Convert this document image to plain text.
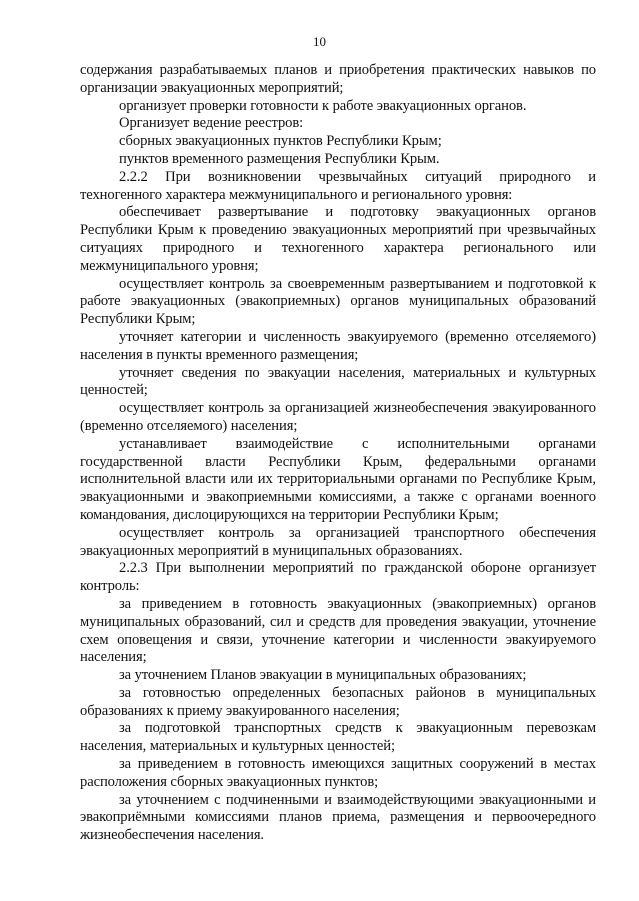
10

содержания разрабатываемых планов и приобретения практических навыков по организации эвакуационных мероприятий;

организует проверки готовности к работе эвакуационных органов.

Организует ведение реестров:

сборных эвакуационных пунктов Республики Крым;

пунктов временного размещения Республики Крым.

2.2.2 При возникновении чрезвычайных ситуаций природного и техногенного характера межмуниципального и регионального уровня:

обеспечивает развертывание и подготовку эвакуационных органов Республики Крым к проведению эвакуационных мероприятий при чрезвычайных ситуациях природного и техногенного характера регионального или межмуниципального уровня;

осуществляет контроль за своевременным развертыванием и подготовкой к работе эвакуационных (эвакоприемных) органов муниципальных образований Республики Крым;

уточняет категории и численность эвакуируемого (временно отселяемого) населения в пункты временного размещения;

уточняет сведения по эвакуации населения, материальных и культурных ценностей;

осуществляет контроль за организацией жизнеобеспечения эвакуированного (временно отселяемого) населения;

устанавливает взаимодействие с исполнительными органами государственной власти Республики Крым, федеральными органами исполнительной власти или их территориальными органами по Республике Крым, эвакуационными и эвакоприемными комиссиями, а также с органами военного командования, дислоцирующихся на территории Республики Крым;

осуществляет контроль за организацией транспортного обеспечения эвакуационных мероприятий в муниципальных образованиях.

2.2.3 При выполнении мероприятий по гражданской обороне организует контроль:

за приведением в готовность эвакуационных (эвакоприемных) органов муниципальных образований, сил и средств для проведения эвакуации, уточнение схем оповещения и связи, уточнение категории и численности эвакуируемого населения;

за уточнением Планов эвакуации в муниципальных образованиях;

за готовностью определенных безопасных районов в муниципальных образованиях к приему эвакуированного населения;

за подготовкой транспортных средств к эвакуационным перевозкам населения, материальных и культурных ценностей;

за приведением в готовность имеющихся защитных сооружений в местах расположения сборных эвакуационных пунктов;

за уточнением с подчиненными и взаимодействующими эвакуационными и эвакоприёмными комиссиями планов приема, размещения и первоочередного жизнеобеспечения населения.
